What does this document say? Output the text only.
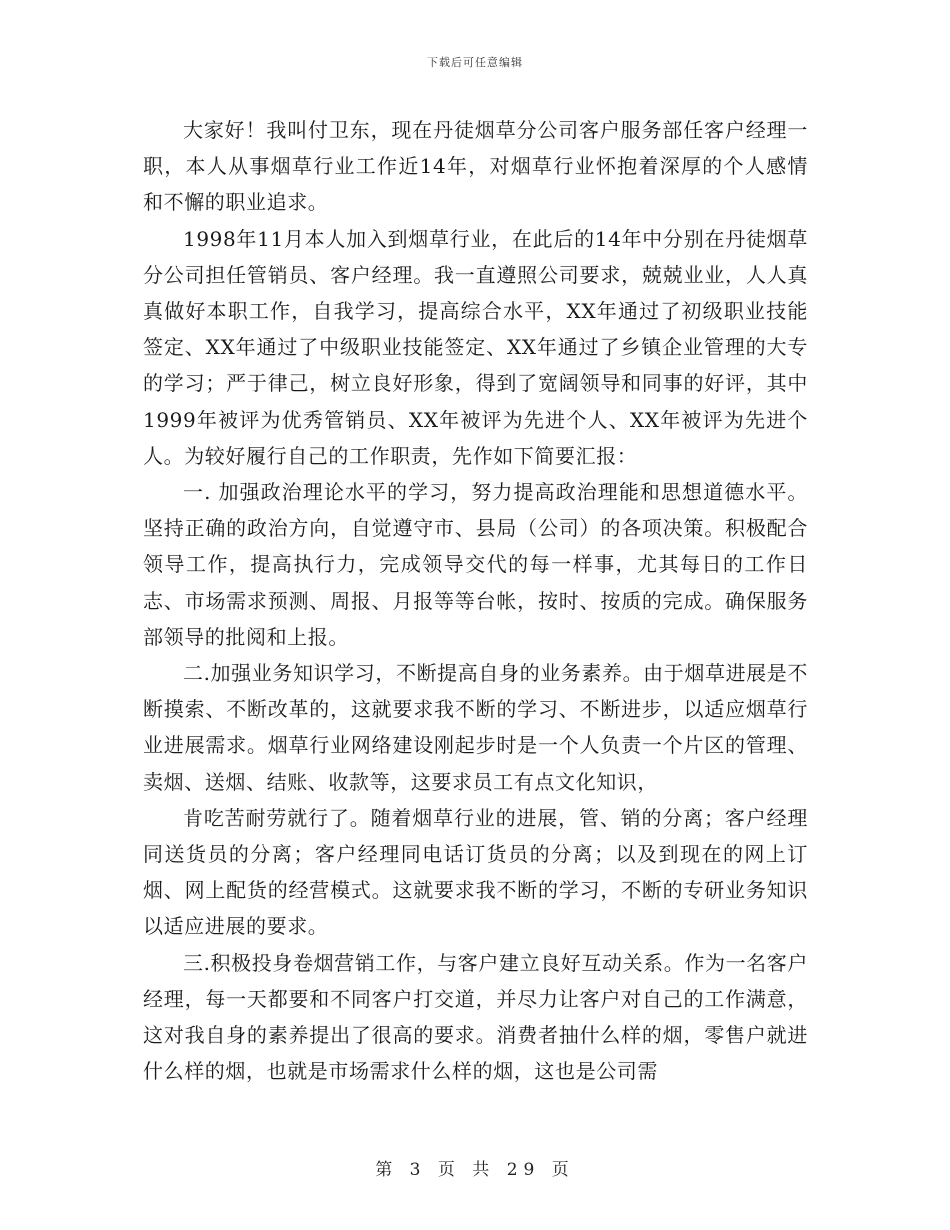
下载后可任意编辑

大家好！我叫付卫东，现在丹徒烟草分公司客户服务部任客户经理一职，本人从事烟草行业工作近14年，对烟草行业怀抱着深厚的个人感情和不懈的职业追求。

1998年11月本人加入到烟草行业，在此后的14年中分别在丹徒烟草分公司担任管销员、客户经理。我一直遵照公司要求，兢兢业业，人人真真做好本职工作，自我学习，提高综合水平，XX年通过了初级职业技能签定、XX年通过了中级职业技能签定、XX年通过了乡镇企业管理的大专的学习；严于律己，树立良好形象，得到了宽阔领导和同事的好评，其中1999年被评为优秀管销员、XX年被评为先进个人、XX年被评为先进个人。为较好履行自己的工作职责，先作如下简要汇报：

一. 加强政治理论水平的学习，努力提高政治理能和思想道德水平。坚持正确的政治方向，自觉遵守市、县局（公司）的各项决策。积极配合领导工作，提高执行力，完成领导交代的每一样事，尤其每日的工作日志、市场需求预测、周报、月报等等台帐，按时、按质的完成。确保服务部领导的批阅和上报。

二.加强业务知识学习，不断提高自身的业务素养。由于烟草进展是不断摸索、不断改革的，这就要求我不断的学习、不断进步，以适应烟草行业进展需求。烟草行业网络建设刚起步时是一个人负责一个片区的管理、卖烟、送烟、结账、收款等，这要求员工有点文化知识，

肯吃苦耐劳就行了。随着烟草行业的进展，管、销的分离；客户经理同送货员的分离；客户经理同电话订货员的分离；以及到现在的网上订烟、网上配货的经营模式。这就要求我不断的学习，不断的专研业务知识以适应进展的要求。

三.积极投身卷烟营销工作，与客户建立良好互动关系。作为一名客户经理，每一天都要和不同客户打交道，并尽力让客户对自己的工作满意，这对我自身的素养提出了很高的要求。消费者抽什么样的烟，零售户就进什么样的烟，也就是市场需求什么样的烟，这也是公司需

第 3 页 共 29 页
